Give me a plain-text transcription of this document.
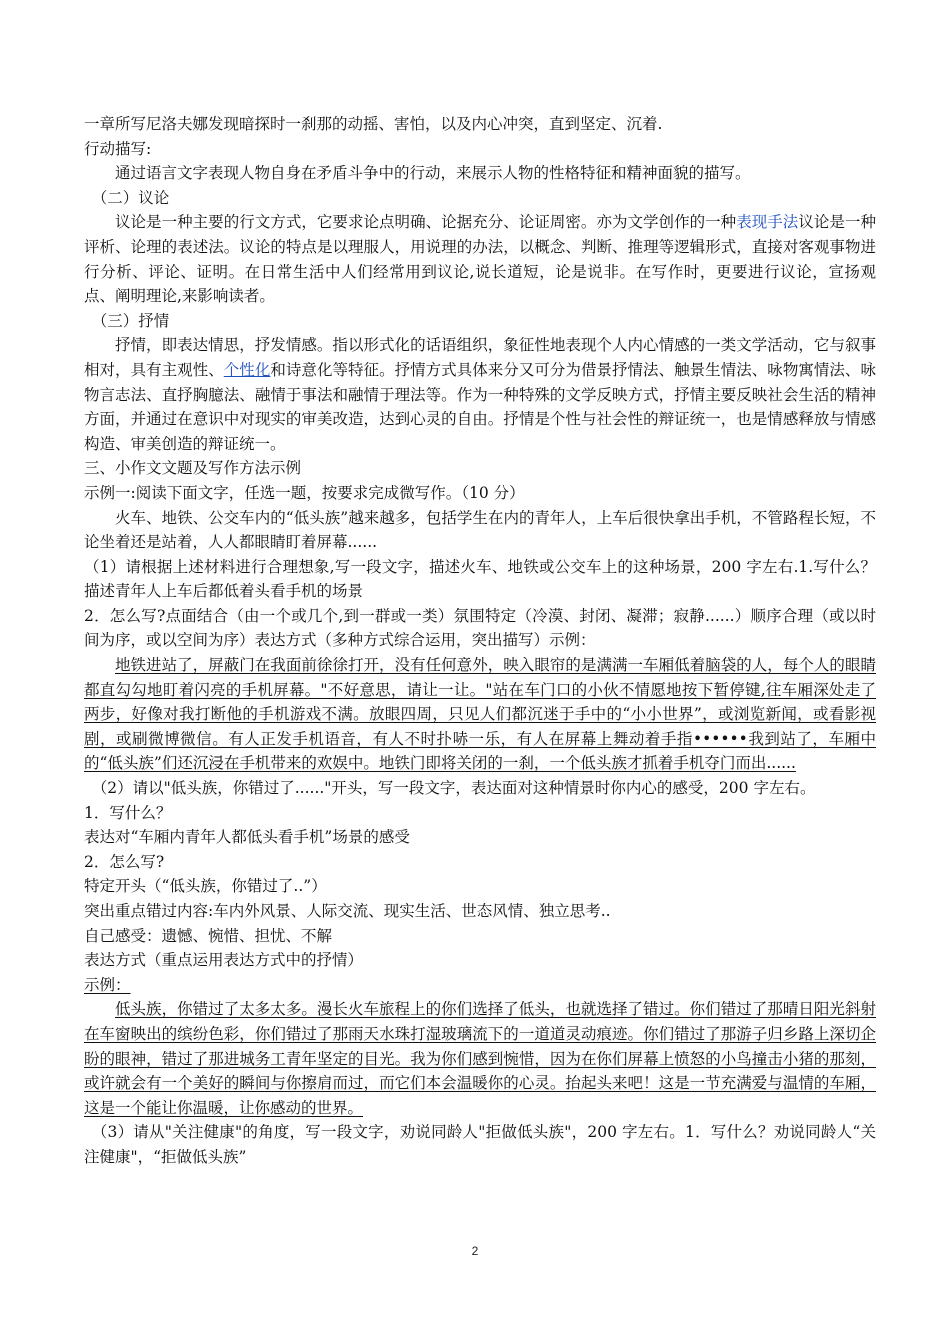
一章所写尼洛夫娜发现暗探时一刹那的动摇、害怕，以及内心冲突，直到坚定、沉着.

行动描写:

通过语言文字表现人物自身在矛盾斗争中的行动，来展示人物的性格特征和精神面貌的描写。

（二）议论

议论是一种主要的行文方式，它要求论点明确、论据充分、论证周密。亦为文学创作的一种表现手法议论是一种评析、论理的表述法。议论的特点是以理服人，用说理的办法，以概念、判断、推理等逻辑形式，直接对客观事物进行分析、评论、证明。在日常生活中人们经常用到议论,说长道短，论是说非。在写作时，更要进行议论，宣扬观点、阐明理论,来影响读者。

（三）抒情

抒情，即表达情思，抒发情感。指以形式化的话语组织，象征性地表现个人内心情感的一类文学活动，它与叙事相对，具有主观性、个性化和诗意化等特征。抒情方式具体来分又可分为借景抒情法、触景生情法、咏物寓情法、咏物言志法、直抒胸臆法、融情于事法和融情于理法等。作为一种特殊的文学反映方式，抒情主要反映社会生活的精神方面，并通过在意识中对现实的审美改造，达到心灵的自由。抒情是个性与社会性的辩证统一，也是情感释放与情感构造、审美创造的辩证统一。

三、小作文文题及写作方法示例

示例一:阅读下面文字，任选一题，按要求完成微写作。（10 分）

火车、地铁、公交车内的“低头族”越来越多，包括学生在内的青年人，上车后很快拿出手机，不管路程长短，不论坐着还是站着，人人都眼睛盯着屏幕......

（1）请根据上述材料进行合理想象,写一段文字，描述火车、地铁或公交车上的这种场景，200 字左右.1.写什么？描述青年人上车后都低着头看手机的场景

2．怎么写?点面结合（由一个或几个,到一群或一类）氛围特定（冷漠、封闭、凝滞；寂静......）顺序合理（或以时间为序，或以空间为序）表达方式（多种方式综合运用，突出描写）示例：

地铁进站了，屏蔽门在我面前徐徐打开，没有任何意外，映入眼帘的是满满一车厢低着脑袋的人，每个人的眼睛都直勾勾地盯着闪亮的手机屏幕。"不好意思，请让一让。"站在车门口的小伙不情愿地按下暂停键,往车厢深处走了两步，好像对我打断他的手机游戏不满。放眼四周，只见人们都沉迷于手中的“小小世界”，或浏览新闻，或看影视剧，或刷微博微信。有人正发手机语音，有人不时扑哧一乐，有人在屏幕上舞动着手指••••••我到站了，车厢中的“低头族”们还沉浸在手机带来的欢娱中。地铁门即将关闭的一刹，一个低头族才抓着手机夺门而出......

（2）请以"低头族，你错过了......"开头，写一段文字，表达面对这种情景时你内心的感受，200 字左右。

1．写什么？

表达对“车厢内青年人都低头看手机”场景的感受

2．怎么写?

特定开头（“低头族，你错过了..”）

突出重点错过内容:车内外风景、人际交流、现实生活、世态风情、独立思考..

自己感受：遗憾、惋惜、担忧、不解

表达方式（重点运用表达方式中的抒情）

示例：

低头族，你错过了太多太多。漫长火车旅程上的你们选择了低头，也就选择了错过。你们错过了那晴日阳光斜射在车窗映出的缤纷色彩，你们错过了那雨天水珠打湿玻璃流下的一道道灵动痕迹。你们错过了那游子归乡路上深切企盼的眼神，错过了那进城务工青年坚定的目光。我为你们感到惋惜，因为在你们屏幕上愤怒的小鸟撞击小猪的那刻，或许就会有一个美好的瞬间与你擦肩而过，而它们本会温暖你的心灵。抬起头来吧！这是一节充满爱与温情的车厢，这是一个能让你温暖，让你感动的世界。

（3）请从"关注健康"的角度，写一段文字，劝说同龄人"拒做低头族"，200 字左右。1．写什么？劝说同龄人“关注健康"，“拒做低头族”

2
